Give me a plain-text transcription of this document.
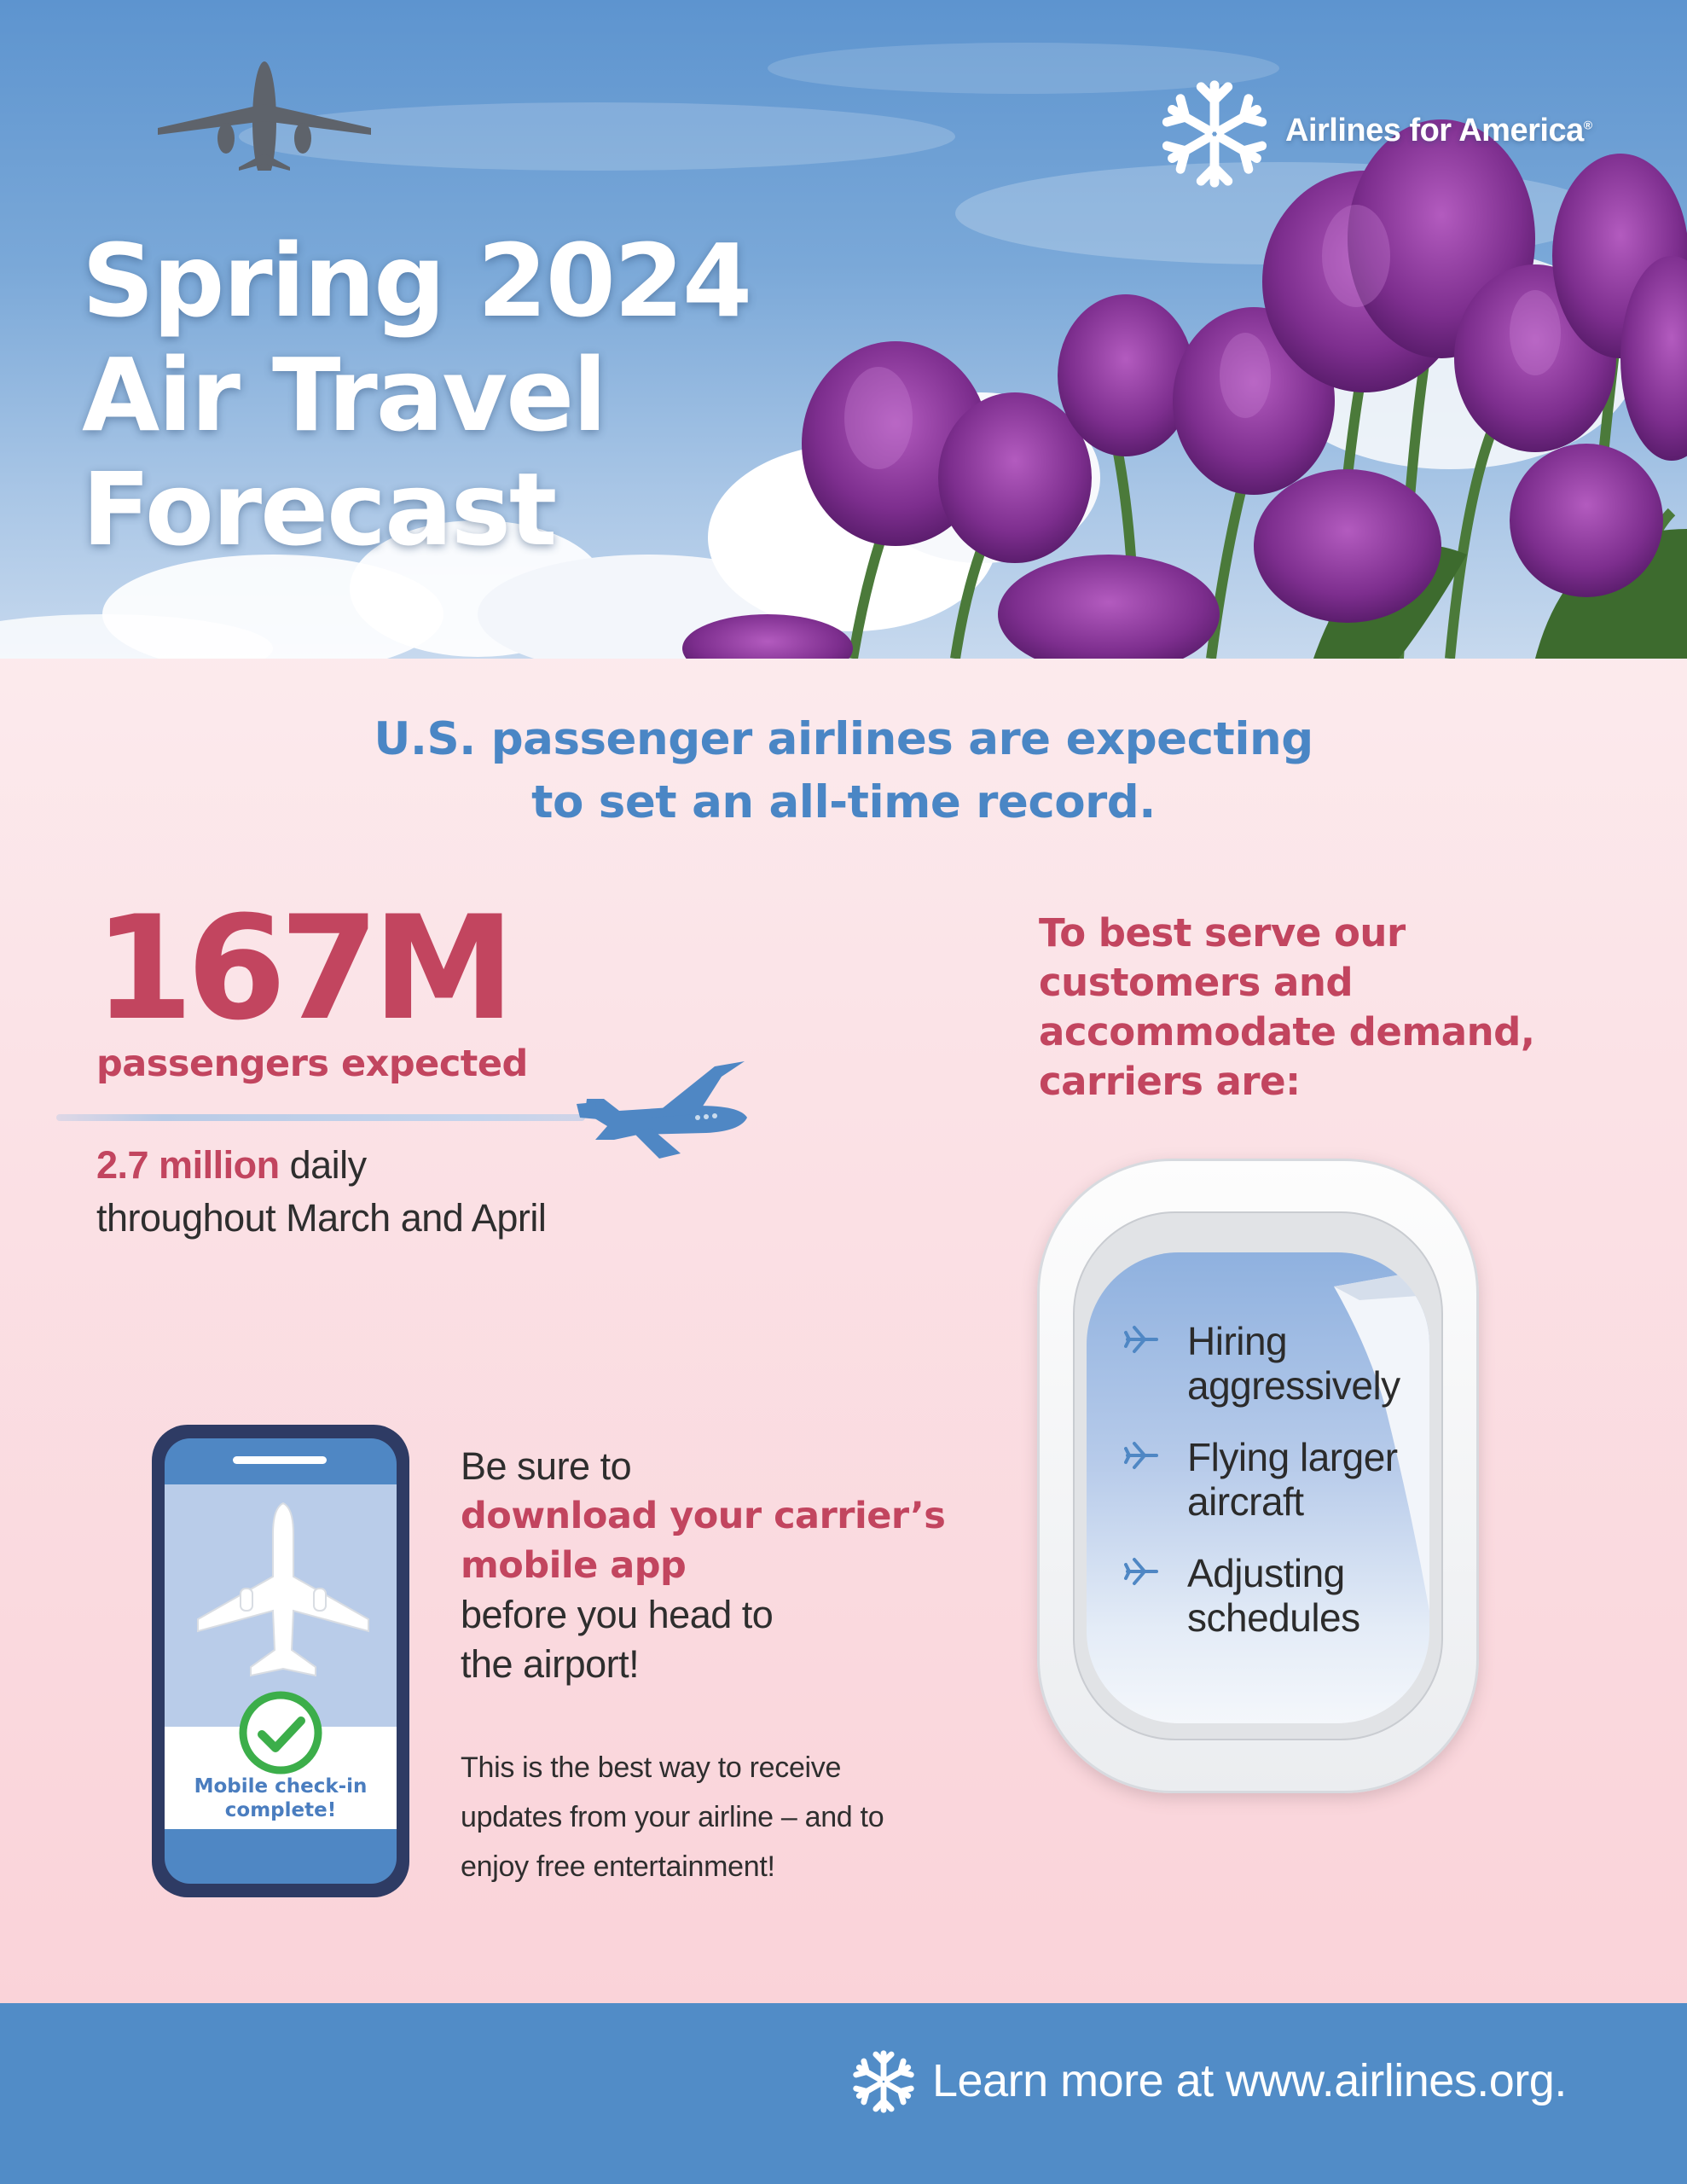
Spring 2024
Air Travel
Forecast
Airlines for America®
U.S. passenger airlines are expecting
to set an all-time record.
167M
passengers expected

2.7 million daily
throughout March and April

To best serve our
customers and
accommodate demand,
carriers are:
Hiring aggressively
Flying larger aircraft
Adjusting schedules
Mobile check-in
complete!

Be sure to
download your carrier’s
mobile app
before you head to
the airport!

This is the best way to receive
updates from your airline – and to
enjoy free entertainment!

Learn more at www.airlines.org.
